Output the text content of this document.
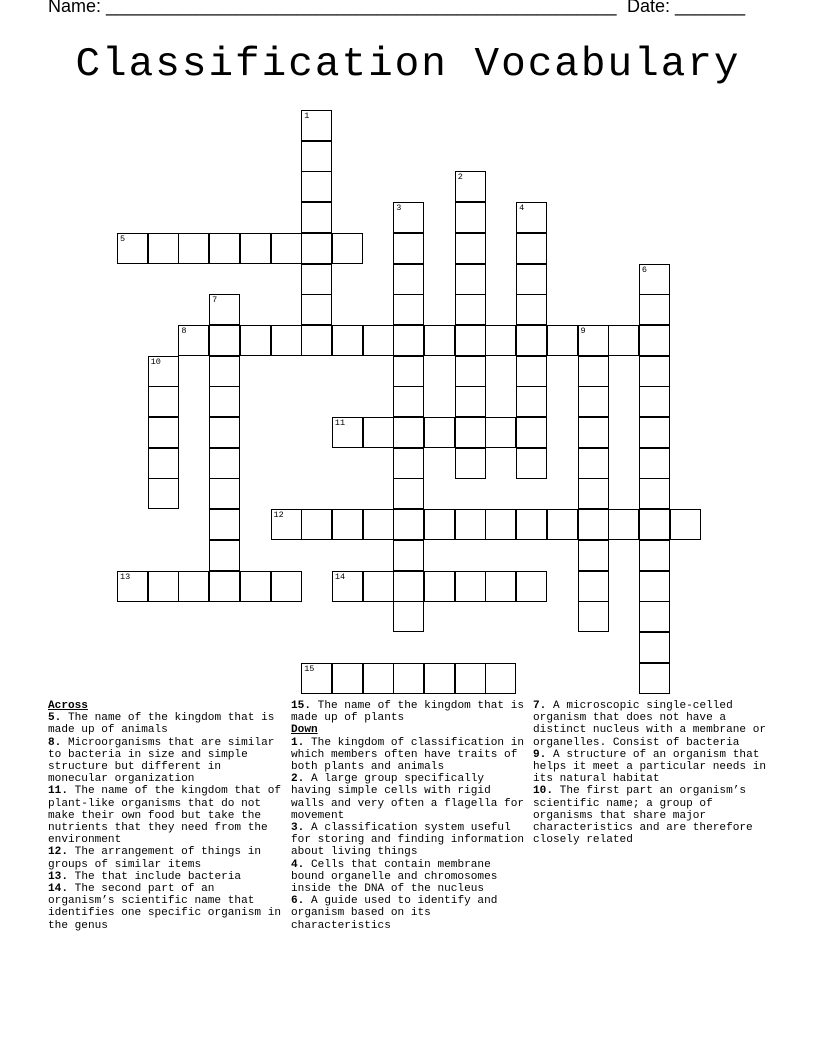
Name: ___________________________________________________ Date: _______
Classification Vocabulary
1
2
3	4
5
6
7
8	9
10
11
12
13	14
15
Across
5. The name of the kingdom that is made up of animals
8. Microorganisms that are similar to bacteria in size and simple structure but different in monecular organization
11. The name of the kingdom that of plant-like organisms that do not make their own food but take the nutrients that they need from the environment
12. The arrangement of things in groups of similar items
13. The that include bacteria
14. The second part of an organism’s scientific name that identifies one specific organism in the genus
15. The name of the kingdom that is made up of plants
Down
1. The kingdom of classification in which members often have traits of both plants and animals
2. A large group specifically having simple cells with rigid walls and very often a flagella for movement
3. A classification system useful for storing and finding information about living things
4. Cells that contain membrane bound organelle and chromosomes inside the DNA of the nucleus
6. A guide used to identify and organism based on its characteristics
7. A microscopic single-celled organism that does not have a distinct nucleus with a membrane or organelles. Consist of bacteria
9. A structure of an organism that helps it meet a particular needs in its natural habitat
10. The first part an organism’s scientific name; a group of organisms that share major characteristics and are therefore closely related
